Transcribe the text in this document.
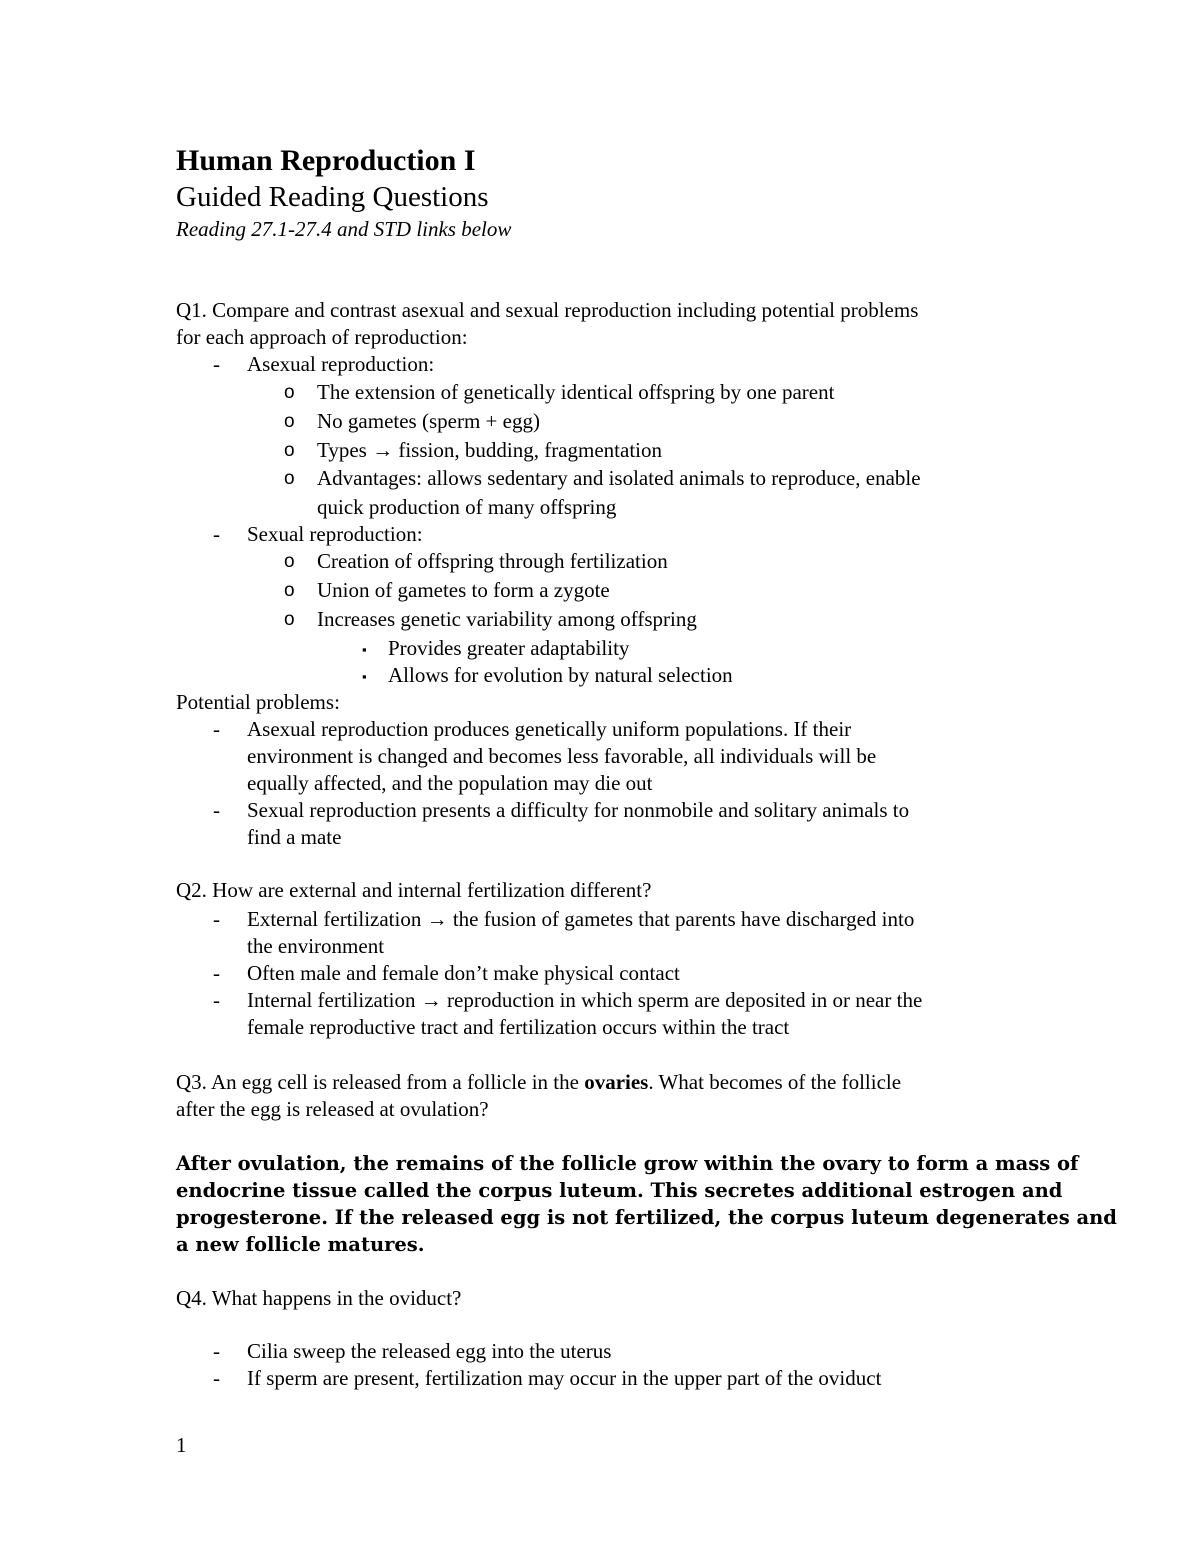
Human Reproduction I
Guided Reading Questions
Reading 27.1-27.4 and STD links below
Q1. Compare and contrast asexual and sexual reproduction including potential problems
for each approach of reproduction:
- Asexual reproduction:
o The extension of genetically identical offspring by one parent
o No gametes (sperm + egg)
o Types → fission, budding, fragmentation
o Advantages: allows sedentary and isolated animals to reproduce, enable
quick production of many offspring
- Sexual reproduction:
o Creation of offspring through fertilization
o Union of gametes to form a zygote
o Increases genetic variability among offspring
▪ Provides greater adaptability
▪ Allows for evolution by natural selection
Potential problems:
- Asexual reproduction produces genetically uniform populations. If their
environment is changed and becomes less favorable, all individuals will be
equally affected, and the population may die out
- Sexual reproduction presents a difficulty for nonmobile and solitary animals to
find a mate
Q2. How are external and internal fertilization different?
- External fertilization → the fusion of gametes that parents have discharged into
the environment
- Often male and female don’t make physical contact
- Internal fertilization → reproduction in which sperm are deposited in or near the
female reproductive tract and fertilization occurs within the tract
Q3. An egg cell is released from a follicle in the ovaries. What becomes of the follicle
after the egg is released at ovulation?
After ovulation, the remains of the follicle grow within the ovary to form a mass of
endocrine tissue called the corpus luteum. This secretes additional estrogen and
progesterone. If the released egg is not fertilized, the corpus luteum degenerates and
a new follicle matures.
Q4. What happens in the oviduct?
- Cilia sweep the released egg into the uterus
- If sperm are present, fertilization may occur in the upper part of the oviduct
1
